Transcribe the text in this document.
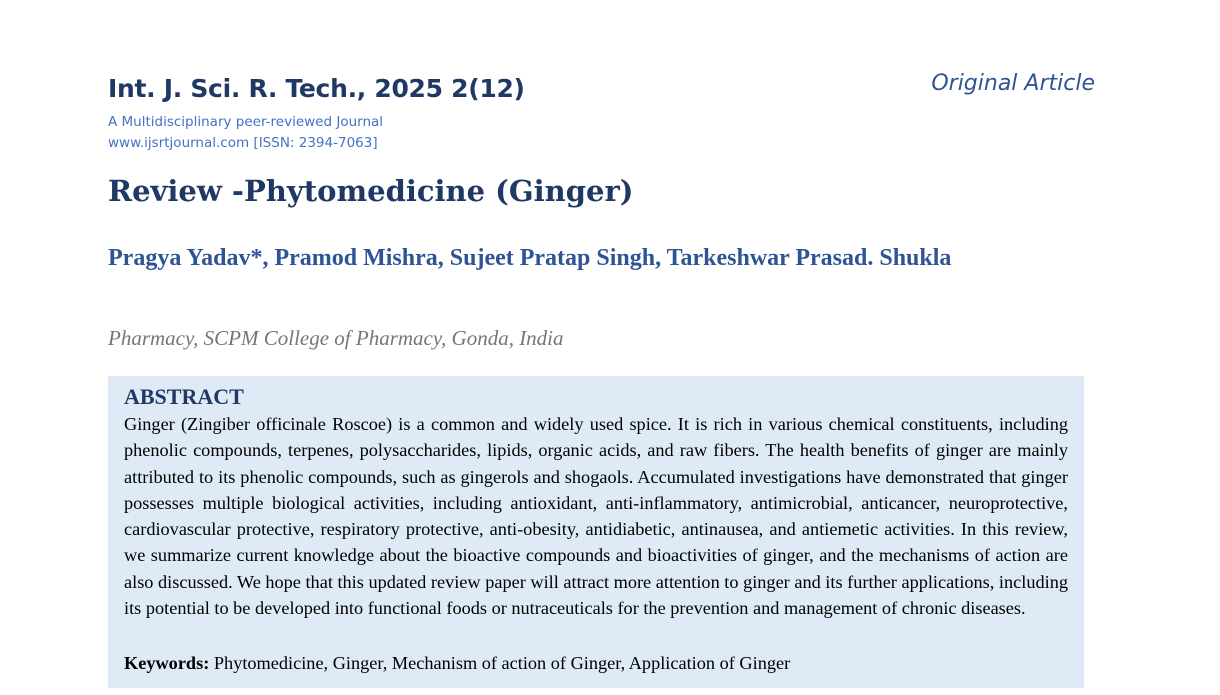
Int. J. Sci. R. Tech., 2025 2(12)	Original Article
A Multidisciplinary peer-reviewed Journal
www.ijsrtjournal.com [ISSN: 2394-7063]
Review -Phytomedicine (Ginger)
Pragya Yadav*, Pramod Mishra, Sujeet Pratap Singh, Tarkeshwar Prasad. Shukla
Pharmacy, SCPM College of Pharmacy, Gonda, India
ABSTRACT
Ginger (Zingiber officinale Roscoe) is a common and widely used spice. It is rich in various chemical constituents, including phenolic compounds, terpenes, polysaccharides, lipids, organic acids, and raw fibers. The health benefits of ginger are mainly attributed to its phenolic compounds, such as gingerols and shogaols. Accumulated investigations have demonstrated that ginger possesses multiple biological activities, including antioxidant, anti-inflammatory, antimicrobial, anticancer, neuroprotective, cardiovascular protective, respiratory protective, anti-obesity, antidiabetic, antinausea, and antiemetic activities. In this review, we summarize current knowledge about the bioactive compounds and bioactivities of ginger, and the mechanisms of action are also discussed. We hope that this updated review paper will attract more attention to ginger and its further applications, including its potential to be developed into functional foods or nutraceuticals for the prevention and management of chronic diseases.
Keywords: Phytomedicine, Ginger, Mechanism of action of Ginger, Application of Ginger
